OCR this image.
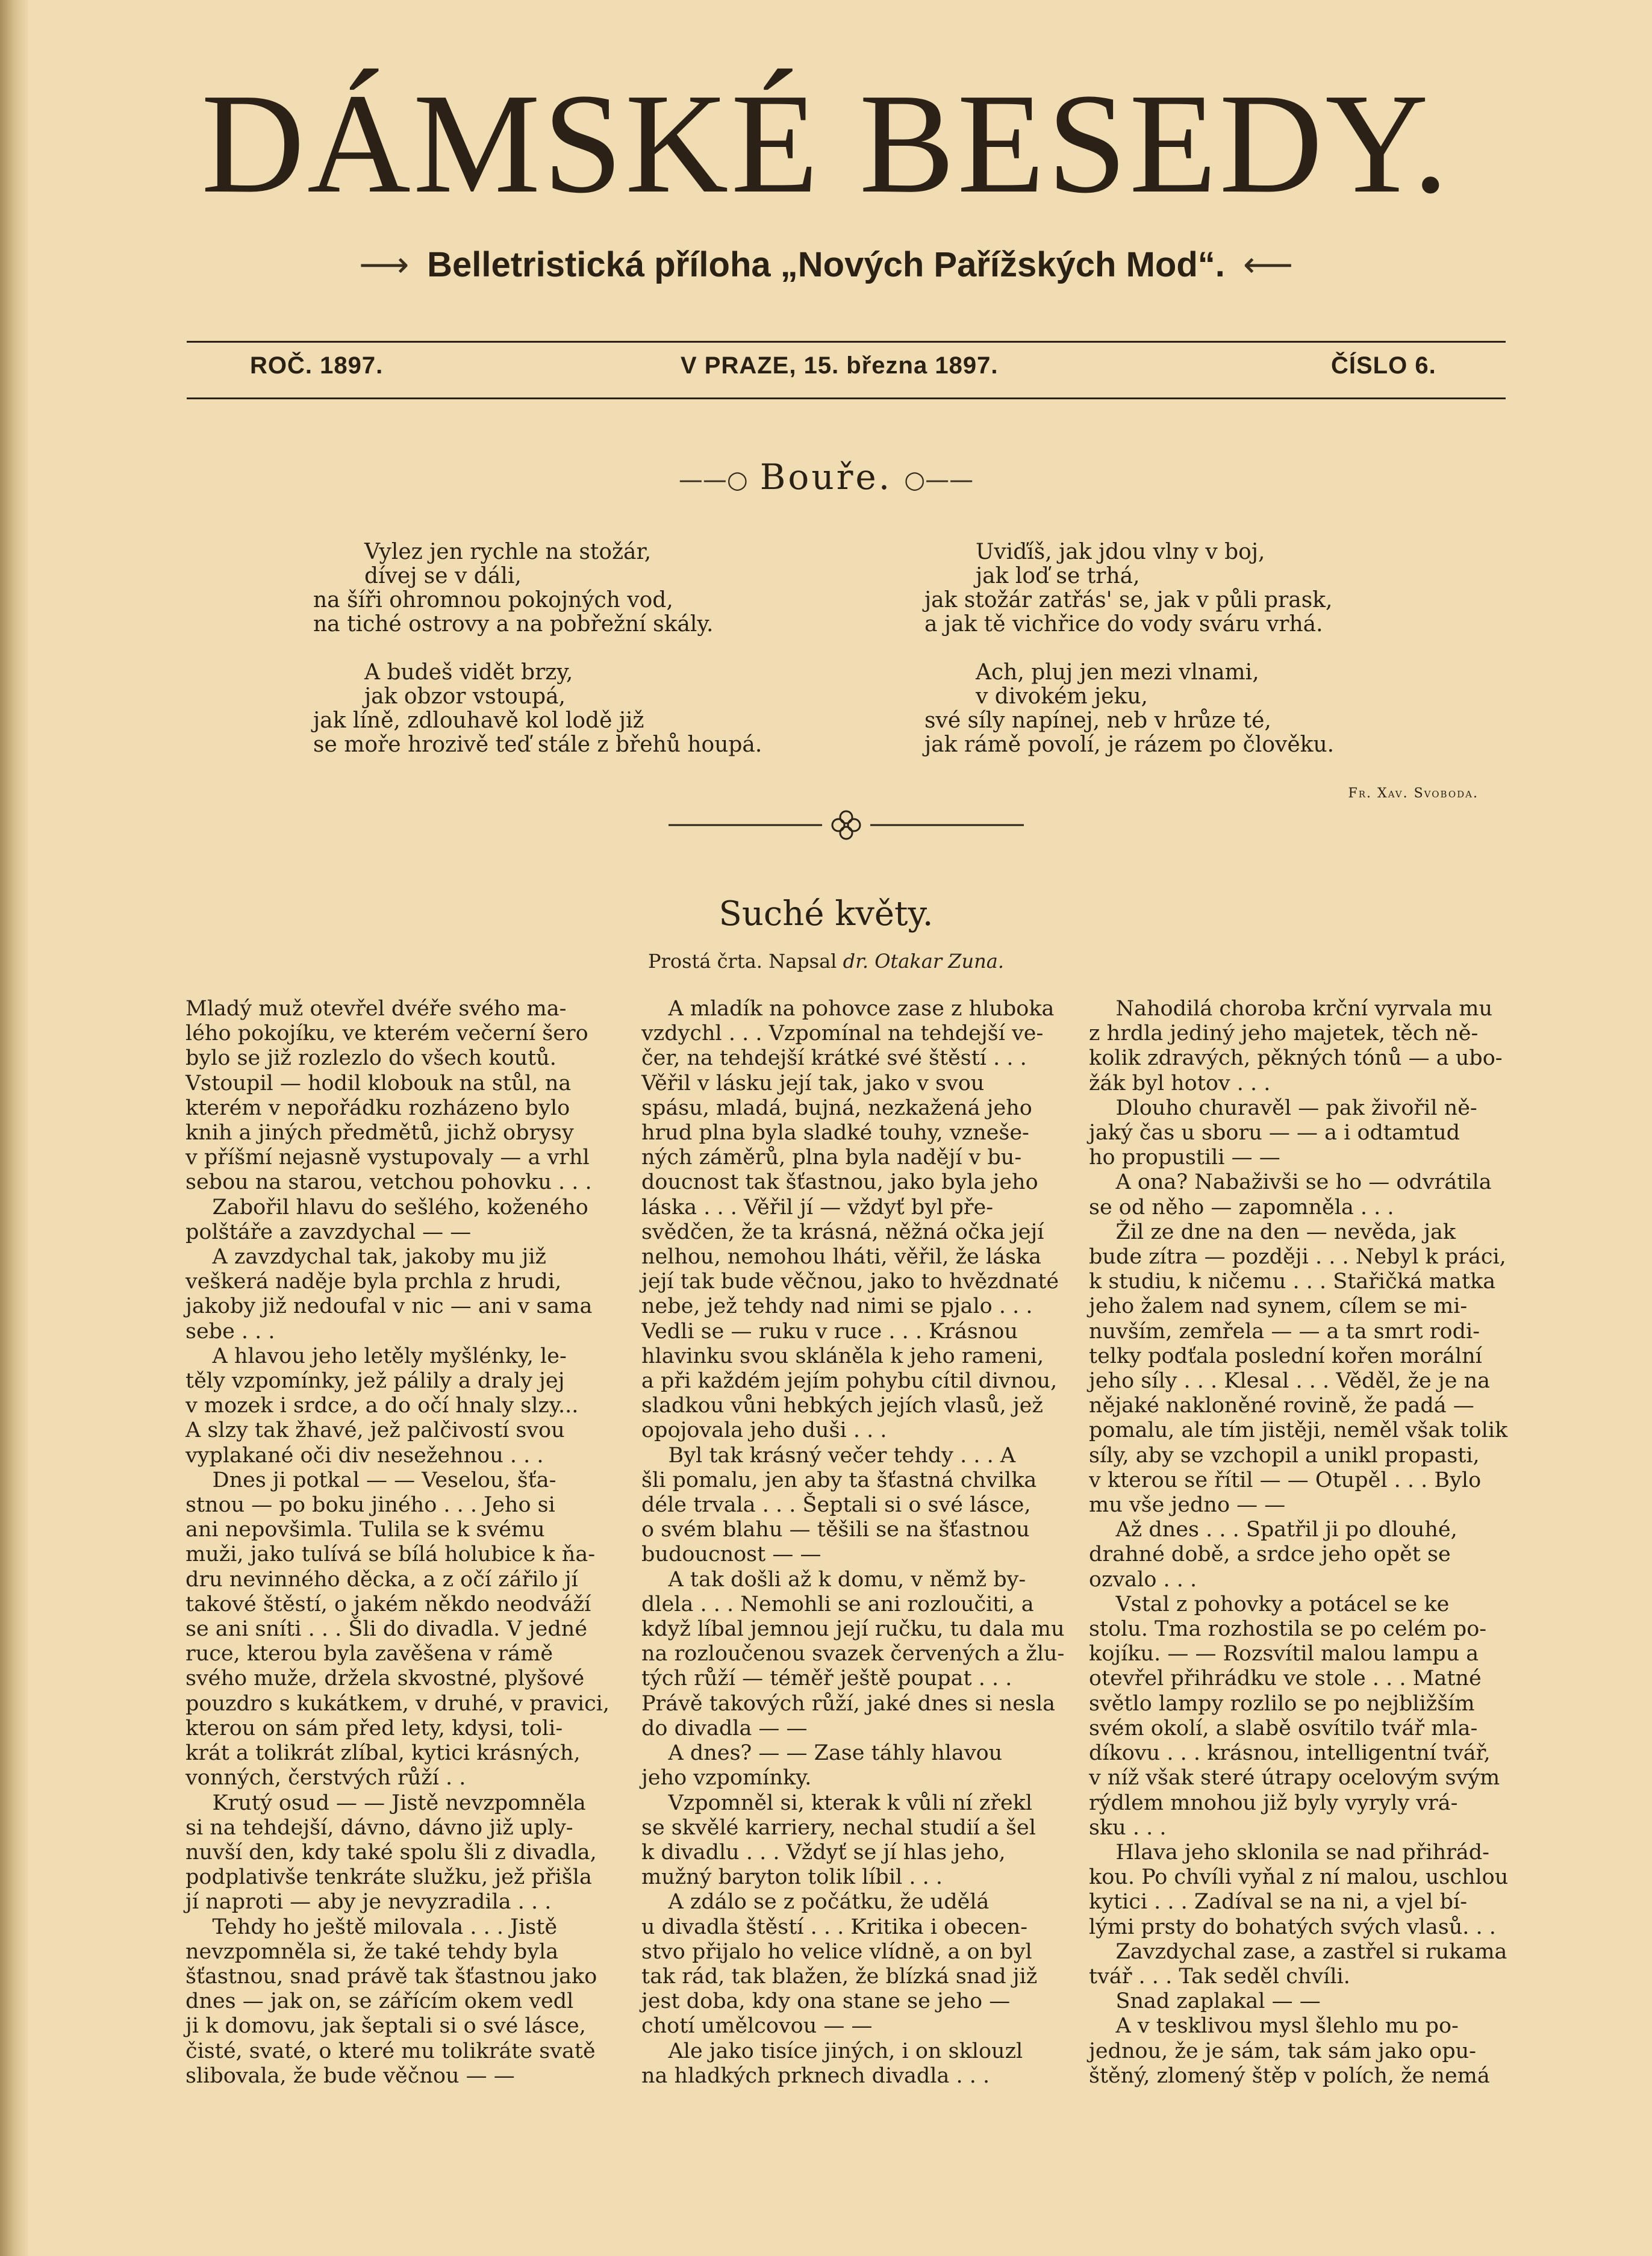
DÁMSKÉ BESEDY.
⟶ Belletristická příloha „Nových Pařížských Mod“. ⟵
ROČ. 1897.	V PRAZE, 15. března 1897.	ČÍSLO 6.
——○ Bouře. ○——

Vylez jen rychle na stožár,

dívej se v dáli,

na šíři ohromnou pokojných vod,

na tiché ostrovy a na pobřežní skály.

A budeš vidět brzy,

jak obzor vstoupá,

jak líně, zdlouhavě kol lodě již

se moře hrozivě teď stále z břehů houpá.

Uviďíš, jak jdou vlny v boj,

jak loď se trhá,

jak stožár zatřás' se, jak v půli prask,

a jak tě vichřice do vody sváru vrhá.

Ach, pluj jen mezi vlnami,

v divokém jeku,

své síly napínej, neb v hrůze té,

jak rámě povolí, je rázem po člověku.

Fr. Xav. Svoboda.
Suché květy.
Prostá črta. Napsal dr. Otakar Zuna.

Mladý muž otevřel dvéře svého ma-

lého pokojíku, ve kterém večerní šero

bylo se již rozlezlo do všech koutů.

Vstoupil — hodil klobouk na stůl, na

kterém v nepořádku rozházeno bylo

knih a jiných předmětů, jichž obrysy

v příšmí nejasně vystupovaly — a vrhl

sebou na starou, vetchou pohovku . . .

Zabořil hlavu do sešlého, koženého

polštáře a zavzdychal — —

A zavzdychal tak, jakoby mu již

veškerá naděje byla prchla z hrudi,

jakoby již nedoufal v nic — ani v sama

sebe . . .

A hlavou jeho letěly myšlénky, le-

těly vzpomínky, jež pálily a draly jej

v mozek i srdce, a do očí hnaly slzy...

A slzy tak žhavé, jež palčivostí svou

vyplakané oči div nesežehnou . . .

Dnes ji potkal — — Veselou, šťa-

stnou — po boku jiného . . . Jeho si

ani nepovšimla. Tulila se k svému

muži, jako tulívá se bílá holubice k ňa-

dru nevinného děcka, a z očí zářilo jí

takové štěstí, o jakém někdo neodváží

se ani sníti . . . Šli do divadla. V jedné

ruce, kterou byla zavěšena v rámě

svého muže, držela skvostné, plyšové

pouzdro s kukátkem, v druhé, v pravici,

kterou on sám před lety, kdysi, toli-

krát a tolikrát zlíbal, kytici krásných,

vonných, čerstvých růží . .

Krutý osud — — Jistě nevzpomněla

si na tehdejší, dávno, dávno již uply-

nuvší den, kdy také spolu šli z divadla,

podplativše tenkráte služku, jež přišla

jí naproti — aby je nevyzradila . . .

Tehdy ho ještě milovala . . . Jistě

nevzpomněla si, že také tehdy byla

šťastnou, snad právě tak šťastnou jako

dnes — jak on, se zářícím okem vedl

ji k domovu, jak šeptali si o své lásce,

čisté, svaté, o které mu tolikráte svatě

slibovala, že bude věčnou — —

A mladík na pohovce zase z hluboka

vzdychl . . . Vzpomínal na tehdejší ve-

čer, na tehdejší krátké své štěstí . . .

Věřil v lásku její tak, jako v svou

spásu, mladá, bujná, nezkažená jeho

hrud plna byla sladké touhy, vznešе-

ných záměrů, plna byla nadějí v bu-

doucnost tak šťastnou, jako byla jeho

láska . . . Věřil jí — vždyť byl pře-

svědčen, že ta krásná, něžná očka její

nelhou, nemohou lháti, věřil, že láska

její tak bude věčnou, jako to hvězdnaté

nebe, jež tehdy nad nimi se pjalo . . .

Vedli se — ruku v ruce . . . Krásnou

hlavinku svou skláněla k jeho rameni,

a při každém jejím pohybu cítil divnou,

sladkou vůni hebkých jejích vlasů, jež

opojovala jeho duši . . .

Byl tak krásný večer tehdy . . . A

šli pomalu, jen aby ta šťastná chvilka

déle trvala . . . Šeptali si o své lásce,

o svém blahu — těšili se na šťastnou

budoucnost — —

A tak došli až k domu, v němž by-

dlela . . . Nemohli se ani rozloučiti, a

když líbal jemnou její ručku, tu dala mu

na rozloučenou svazek červených a žlu-

tých růží — téměř ještě poupat . . .

Právě takových růží, jaké dnes si nesla

do divadla — —

A dnes? — — Zase táhly hlavou

jeho vzpomínky.

Vzpomněl si, kterak k vůli ní zřekl

se skvělé karriery, nechal studií a šel

k divadlu . . . Vždyť se jí hlas jeho,

mužný baryton tolik líbil . . .

A zdálo se z počátku, že udělá

u divadla štěstí . . . Kritika i obecen-

stvo přijalo ho velice vlídně, a on byl

tak rád, tak blažen, že blízká snad již

jest doba, kdy ona stane se jeho —

chotí umělcovou — —

Ale jako tisíce jiných, i on sklouzl

na hladkých prknech divadla . . .

Nahodilá choroba krční vyrvala mu

z hrdla jediný jeho majetek, těch ně-

kolik zdravých, pěkných tónů — a ubo-

žák byl hotov . . .

Dlouho churavěl — pak živořil ně-

jaký čas u sboru — — a i odtamtud

ho propustili — —

A ona? Nabaživši se ho — odvrátila

se od něho — zapomněla . . .

Žil ze dne na den — nevěda, jak

bude zítra — později . . . Nebyl k práci,

k studiu, k ničemu . . . Stařičká matka

jeho žalem nad synem, cílem se mi-

nuvším, zemřela — — a ta smrt rodi-

telky podťala poslední kořen morální

jeho síly . . . Klesal . . . Věděl, že je na

nějaké nakloněné rovině, že padá —

pomalu, ale tím jistěji, neměl však tolik

síly, aby se vzchopil a unikl propasti,

v kterou se řítil — — Otupěl . . . Bylo

mu vše jedno — —

Až dnes . . . Spatřil ji po dlouhé,

drahné době, a srdce jeho opět se

ozvalo . . .

Vstal z pohovky a potácel se ke

stolu. Tma rozhostila se po celém po-

kojíku. — — Rozsvítil malou lampu a

otevřel přihrádku ve stole . . . Matné

světlo lampy rozlilo se po nejbližším

svém okolí, a slabě osvítilo tvář mla-

díkovu . . . krásnou, intelligentní tvář,

v níž však steré útrapy ocelovým svým

rýdlem mnohou již byly vyryly vrá-

sku . . .

Hlava jeho sklonila se nad přihrád-

kou. Po chvíli vyňal z ní malou, uschlou

kytici . . . Zadíval se na ni, a vjel bí-

lými prsty do bohatých svých vlasů. . .

Zavzdychal zase, a zastřel si rukama

tvář . . . Tak seděl chvíli.

Snad zaplakal — —

A v tesklivou mysl šlehlo mu po-

jednou, že je sám, tak sám jako opu-

štěný, zlomený štěp v polích, že nemá
